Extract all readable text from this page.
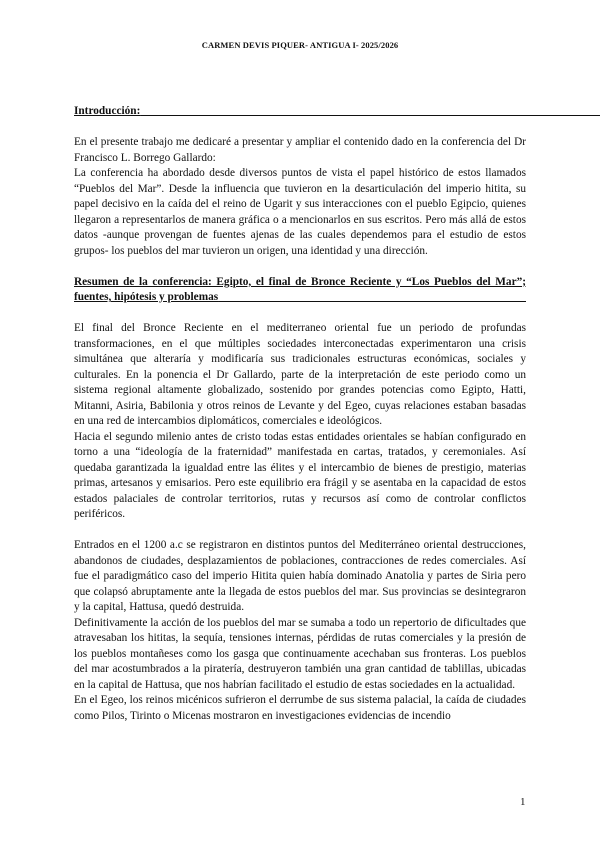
CARMEN DEVIS PIQUER- ANTIGUA I- 2025/2026

Introducción:

En el presente trabajo me dedicaré a presentar y ampliar el contenido dado en la conferencia del Dr Francisco L. Borrego Gallardo:

La conferencia ha abordado desde diversos puntos de vista el papel histórico de estos llamados “Pueblos del Mar”. Desde la influencia que tuvieron en la desarticulación del imperio hitita, su papel decisivo en la caída del el reino de Ugarit y sus interacciones con el pueblo Egipcio, quienes llegaron a representarlos de manera gráfica o a mencionarlos en sus escritos. Pero más allá de estos datos -aunque provengan de fuentes ajenas de las cuales dependemos para el estudio de estos grupos- los pueblos del mar tuvieron un origen, una identidad y una dirección.

Resumen de la conferencia: Egipto, el final de Bronce Reciente y “Los Pueblos del Mar”; fuentes, hipótesis y problemas

El final del Bronce Reciente en el mediterraneo oriental fue un periodo de profundas transformaciones, en el que múltiples sociedades interconectadas experimentaron una crisis simultánea que alteraría y modificaría sus tradicionales estructuras económicas, sociales y culturales. En la ponencia el Dr Gallardo, parte de la interpretación de este periodo como un sistema regional altamente globalizado, sostenido por grandes potencias como Egipto, Hatti, Mitanni, Asiria, Babilonia y otros reinos de Levante y del Egeo, cuyas relaciones estaban basadas en una red de intercambios diplomáticos, comerciales e ideológicos.

Hacia el segundo milenio antes de cristo todas estas entidades orientales se habían configurado en torno a una “ideología de la fraternidad” manifestada en cartas, tratados, y ceremoniales. Así quedaba garantizada la igualdad entre las élites y el intercambio de bienes de prestigio, materias primas, artesanos y emisarios. Pero este equilibrio era frágil y se asentaba en la capacidad de estos estados palaciales de controlar territorios, rutas y recursos así como de controlar conflictos periféricos.

Entrados en el 1200 a.c se registraron en distintos puntos del Mediterráneo oriental destrucciones, abandonos de ciudades, desplazamientos de poblaciones, contracciones de redes comerciales. Así fue el paradigmático caso del imperio Hitita quien había dominado Anatolia y partes de Siria pero que colapsó abruptamente ante la llegada de estos pueblos del mar. Sus provincias se desintegraron y la capital, Hattusa, quedó destruida.

Definitivamente la acción de los pueblos del mar se sumaba a todo un repertorio de dificultades que atravesaban los hititas, la sequía, tensiones internas, pérdidas de rutas comerciales y la presión de los pueblos montañeses como los gasga que continuamente acechaban sus fronteras. Los pueblos del mar acostumbrados a la piratería, destruyeron también una gran cantidad de tablillas, ubicadas en la capital de Hattusa, que nos habrían facilitado el estudio de estas sociedades en la actualidad.

En el Egeo, los reinos micénicos sufrieron el derrumbe de sus sistema palacial, la caída de ciudades como Pilos, Tirinto o Micenas mostraron en investigaciones evidencias de incendio

1
